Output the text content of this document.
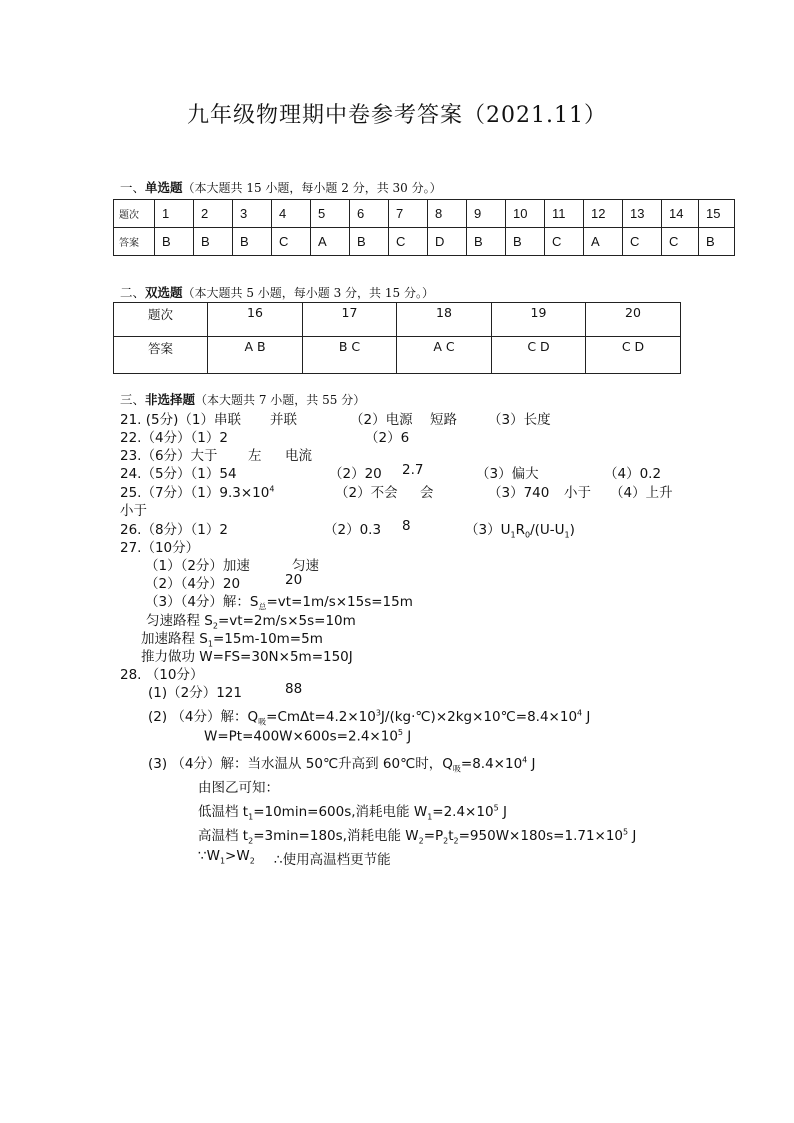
九年级物理期中卷参考答案（2021.11）
一、单选题（本大题共 15 小题，每小题 2 分，共 30 分。）
题次	1	2	3	4	5	6	7	8	9	10	11	12	13	14	15
答案	B	B	B	C	A	B	C	D	B	B	C	A	C	C	B
二、双选题（本大题共 5 小题，每小题 3 分，共 15 分。）
题次	16	17	18	19	20
答案	A B	B C	A C	C D	C D
三、非选择题（本大题共 7 小题，共 55 分）
21. (5分)（1）串联 并联	（2）电源 短路 （3）长度
22.（4分）（1）2	（2）6
23.（6分）大于 左 电流
24.（5分）（1）54	（2）20 2.7	（3）偏大	（4）0.2
25.（7分）$(1)9.3\times 10^4$	（2）不会 会	（3）740 小于 （4）上升
小于
26.（8分）（1）2	（2）0.3 8	$(3)U_1R_0/(U-U_1)$
27.（10分）
（1）（2分）加速	匀速
（2）（4分）20	20
（3）（4分）解：$S_总=vt=1m/s\times 15s=15m$
匀速路程 $S_2=vt=2m/s\times 5s=10m$
加速路程 $S_1=15m-10m=5m$
推力做功 W=FS=30N×5m=150J
28. （10分）
(1)（2分）121	88
(2) （4分）解：$Q_吸=Cm\Delta t=4.2\times 10^3J/(kg\cdot℃)\times 2kg\times 10℃=8.4\times 10^4$ J
$W=Pt=400W\times 600s=2.4\times 10^5$ J
(3) （4分）解：当水温从 50℃升高到 60℃时，$Q_吸=8.4\times 10^4$ J
由图乙可知：
低温档 $t_1=10\min=600s$,消耗电能 $W_1=2.4\times 10^5$ J
高温档 $t_2=3\min=180s$,消耗电能 $W_2=P_2t_2=950W\times 180s=1.71\times 10^5$ J
$\because W_1>W_2$ ∴使用高温档更节能
